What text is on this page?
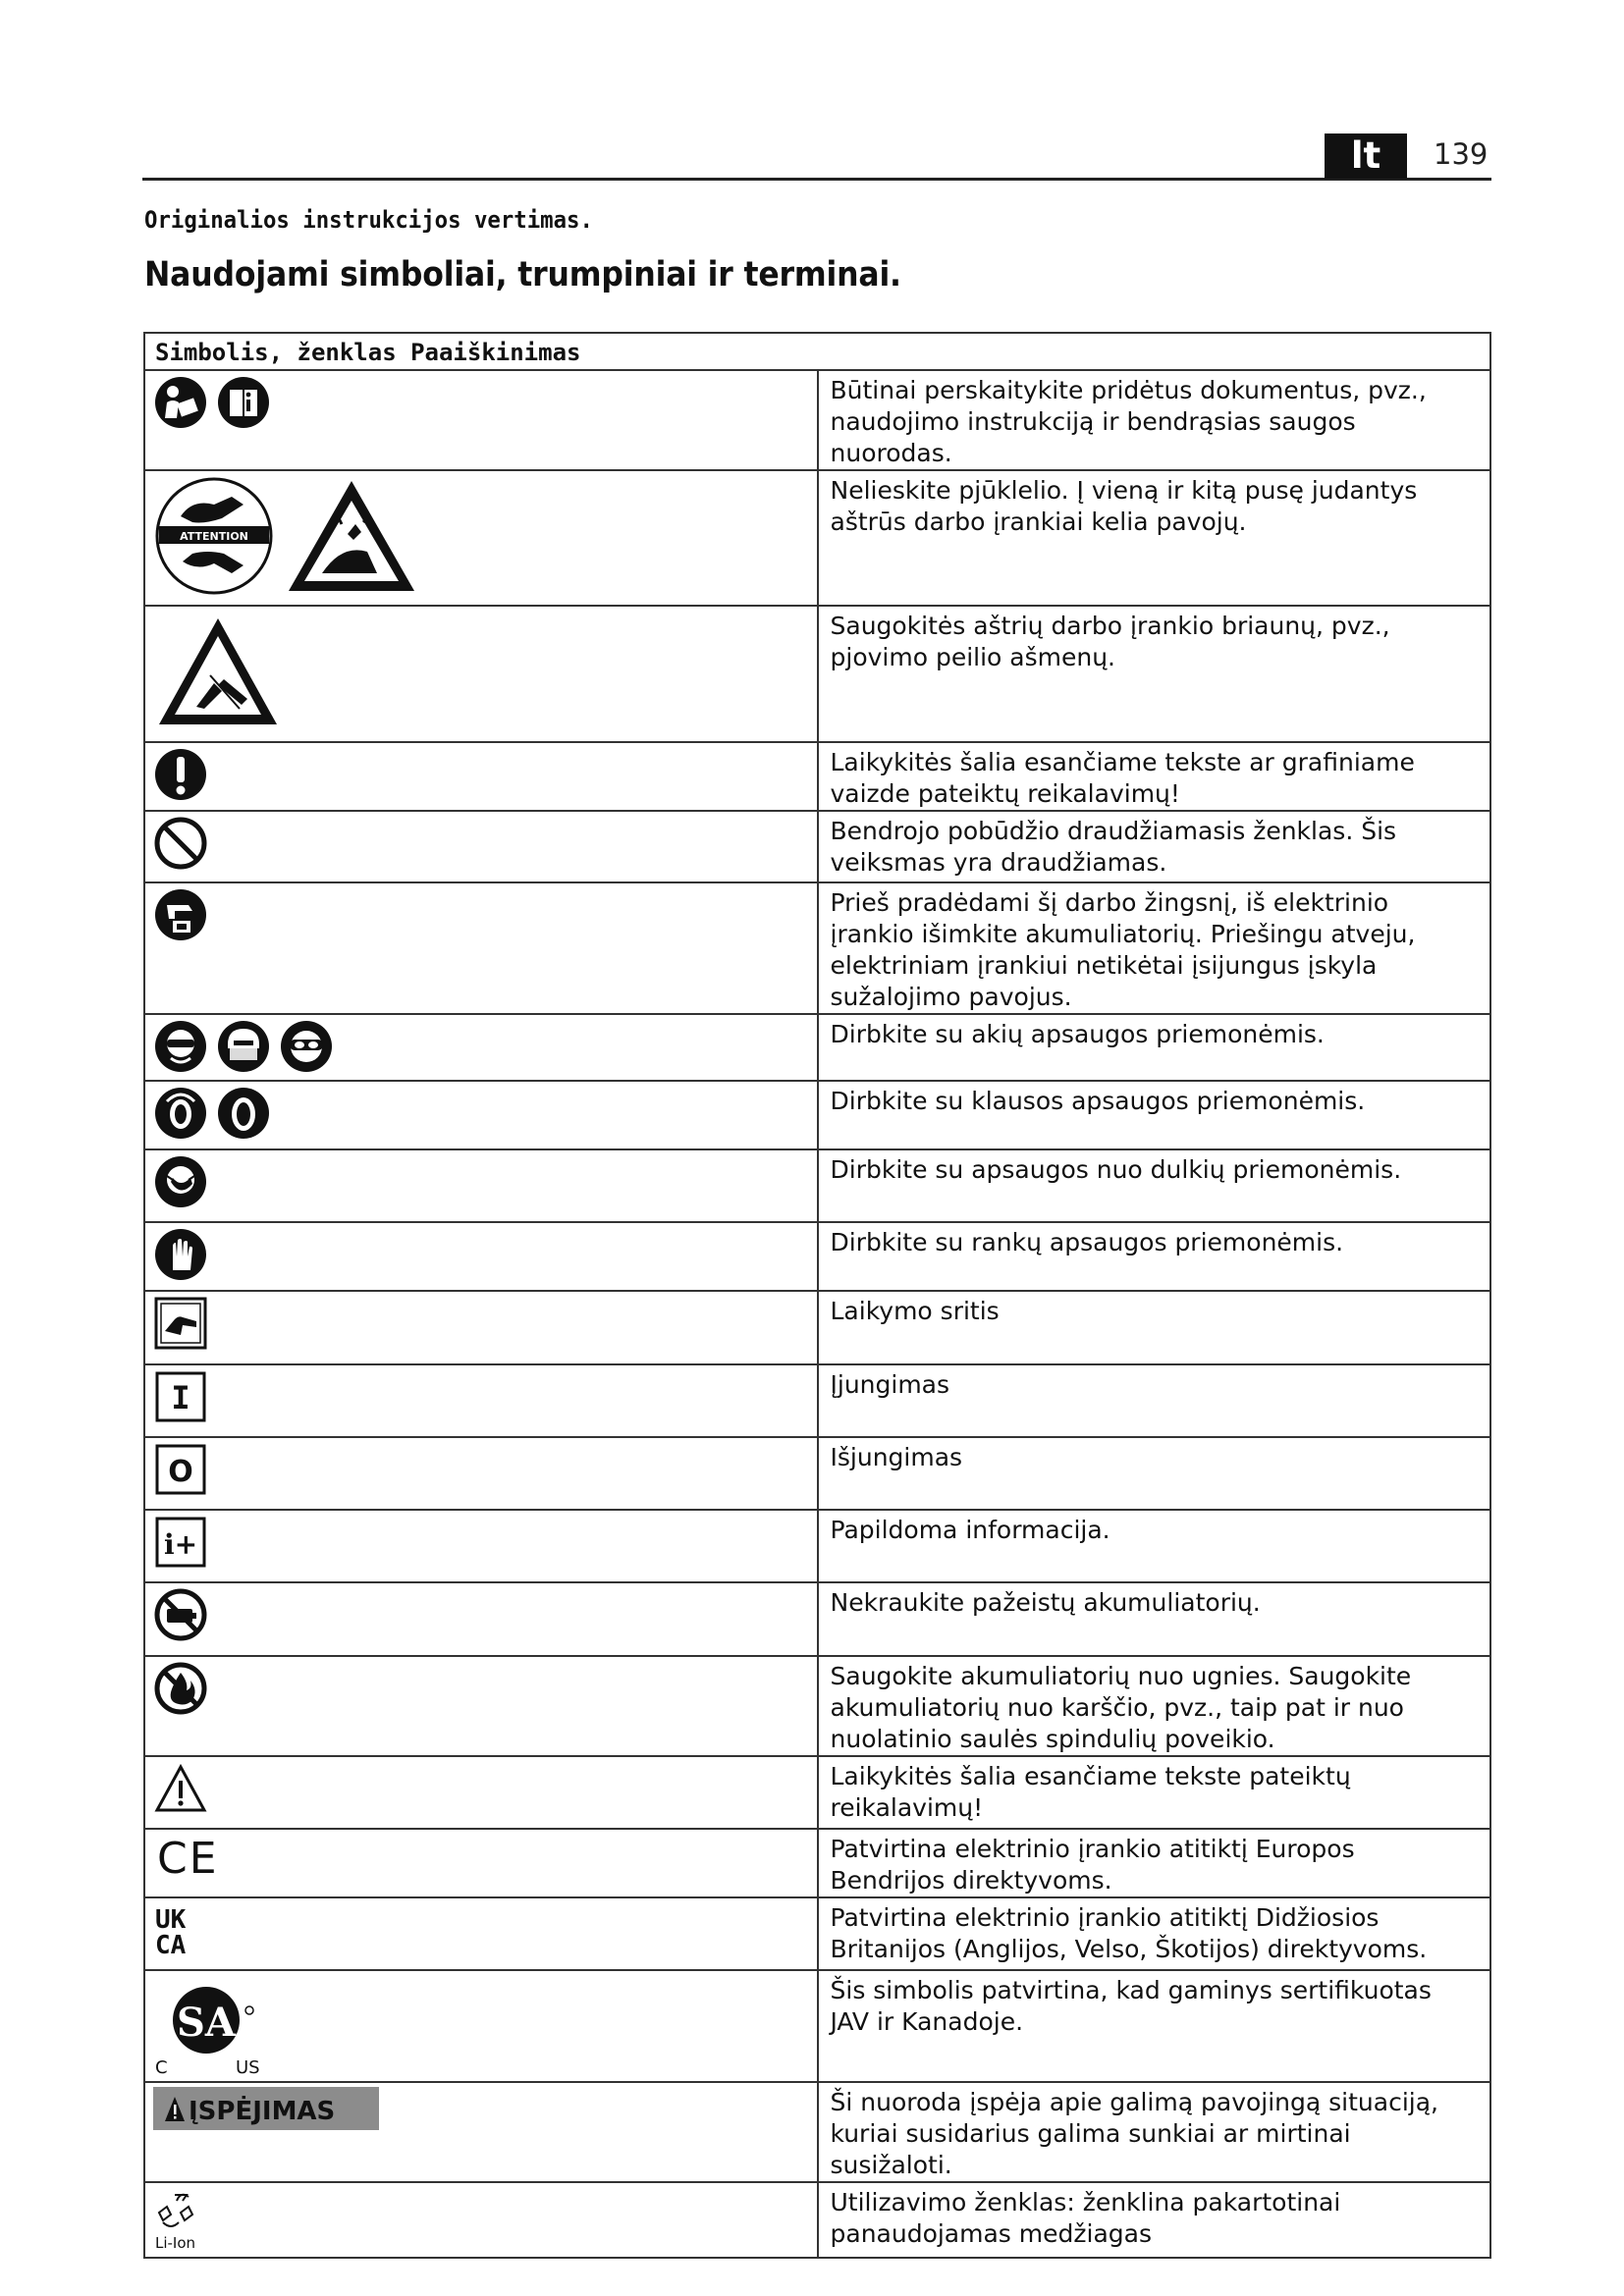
lt	139
Originalios instrukcijos vertimas.
Naudojami simboliai, trumpiniai ir terminai.
Simbolis, ženklas Paaiškinimas	

Būtinai perskaitykite pridėtus dokumentus, pvz., naudojimo instrukciją ir bendrąsias saugos nuorodas.

ATTENTION	Nelieskite pjūklelio. Į vieną ir kitą pusę judantys aštrūs darbo įrankiai kelia pavojų.

Saugokitės aštrių darbo įrankio briaunų, pvz., pjovimo peilio ašmenų.

Laikykitės šalia esančiame tekste ar grafiniame vaizde pateiktų reikalavimų!

Bendrojo pobūdžio draudžiamasis ženklas. Šis veiksmas yra draudžiamas.

Prieš pradėdami šį darbo žingsnį, iš elektrinio įrankio išimkite akumuliatorių. Priešingu atveju, elektriniam įrankiui netikėtai įsijungus įskyla sužalojimo pavojus.

Dirbkite su akių apsaugos priemonėmis.

Dirbkite su klausos apsaugos priemonėmis.

Dirbkite su apsaugos nuo dulkių priemonėmis.

Dirbkite su rankų apsaugos priemonėmis.

Laikymo sritis

I	Įjungimas

O	Išjungimas

i+	Papildoma informacija.

Nekraukite pažeistų akumuliatorių.

Saugokite akumuliatorių nuo ugnies. Saugokite akumuliatorių nuo karščio, pvz., taip pat ir nuo nuolatinio saulės spindulių poveikio.

Laikykitės šalia esančiame tekste pateiktų reikalavimų!

CE	Patvirtina elektrinio įrankio atitiktį Europos Bendrijos direktyvoms.

UK
CA	Patvirtina elektrinio įrankio atitiktį Didžiosios Britanijos (Anglijos, Velso, Škotijos) direktyvoms.

SA
C US	Šis simbolis patvirtina, kad gaminys sertifikuotas JAV ir Kanadoje.

ĮSPĖJIMAS	Ši nuoroda įspėja apie galimą pavojingą situaciją, kuriai susidarius galima sunkiai ar mirtinai susižaloti.

Li-Ion	Utilizavimo ženklas: ženklina pakartotinai panaudojamas medžiagas
